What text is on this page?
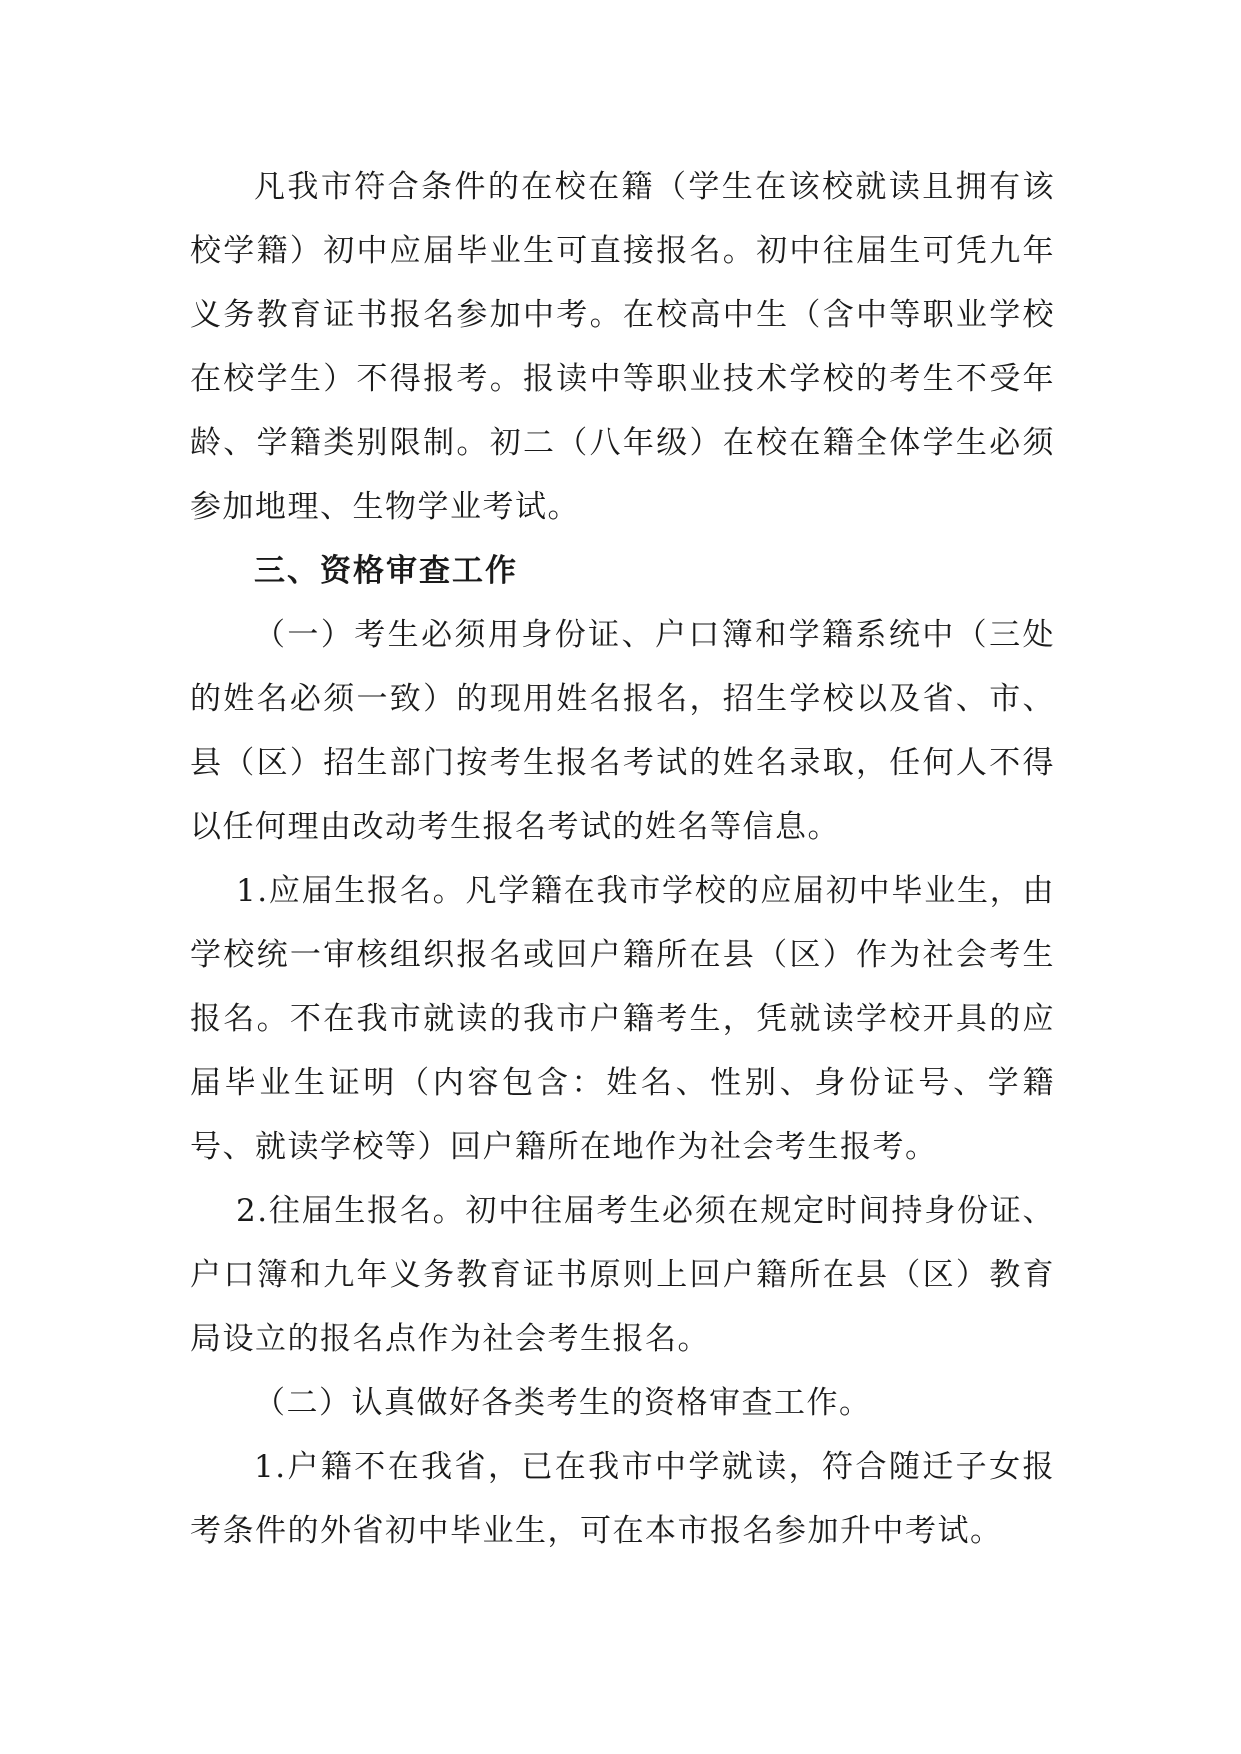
凡我市符合条件的在校在籍（学生在该校就读且拥有该校学籍）初中应届毕业生可直接报名。初中往届生可凭九年义务教育证书报名参加中考。在校高中生（含中等职业学校在校学生）不得报考。报读中等职业技术学校的考生不受年龄、学籍类别限制。初二（八年级）在校在籍全体学生必须参加地理、生物学业考试。

三、资格审查工作

（一）考生必须用身份证、户口簿和学籍系统中（三处的姓名必须一致）的现用姓名报名，招生学校以及省、市、县（区）招生部门按考生报名考试的姓名录取，任何人不得以任何理由改动考生报名考试的姓名等信息。

1.应届生报名。凡学籍在我市学校的应届初中毕业生，由学校统一审核组织报名或回户籍所在县（区）作为社会考生报名。不在我市就读的我市户籍考生，凭就读学校开具的应届毕业生证明（内容包含：姓名、性别、身份证号、学籍号、就读学校等）回户籍所在地作为社会考生报考。

2.往届生报名。初中往届考生必须在规定时间持身份证、户口簿和九年义务教育证书原则上回户籍所在县（区）教育局设立的报名点作为社会考生报名。

（二）认真做好各类考生的资格审查工作。

1.户籍不在我省，已在我市中学就读，符合随迁子女报考条件的外省初中毕业生，可在本市报名参加升中考试。
